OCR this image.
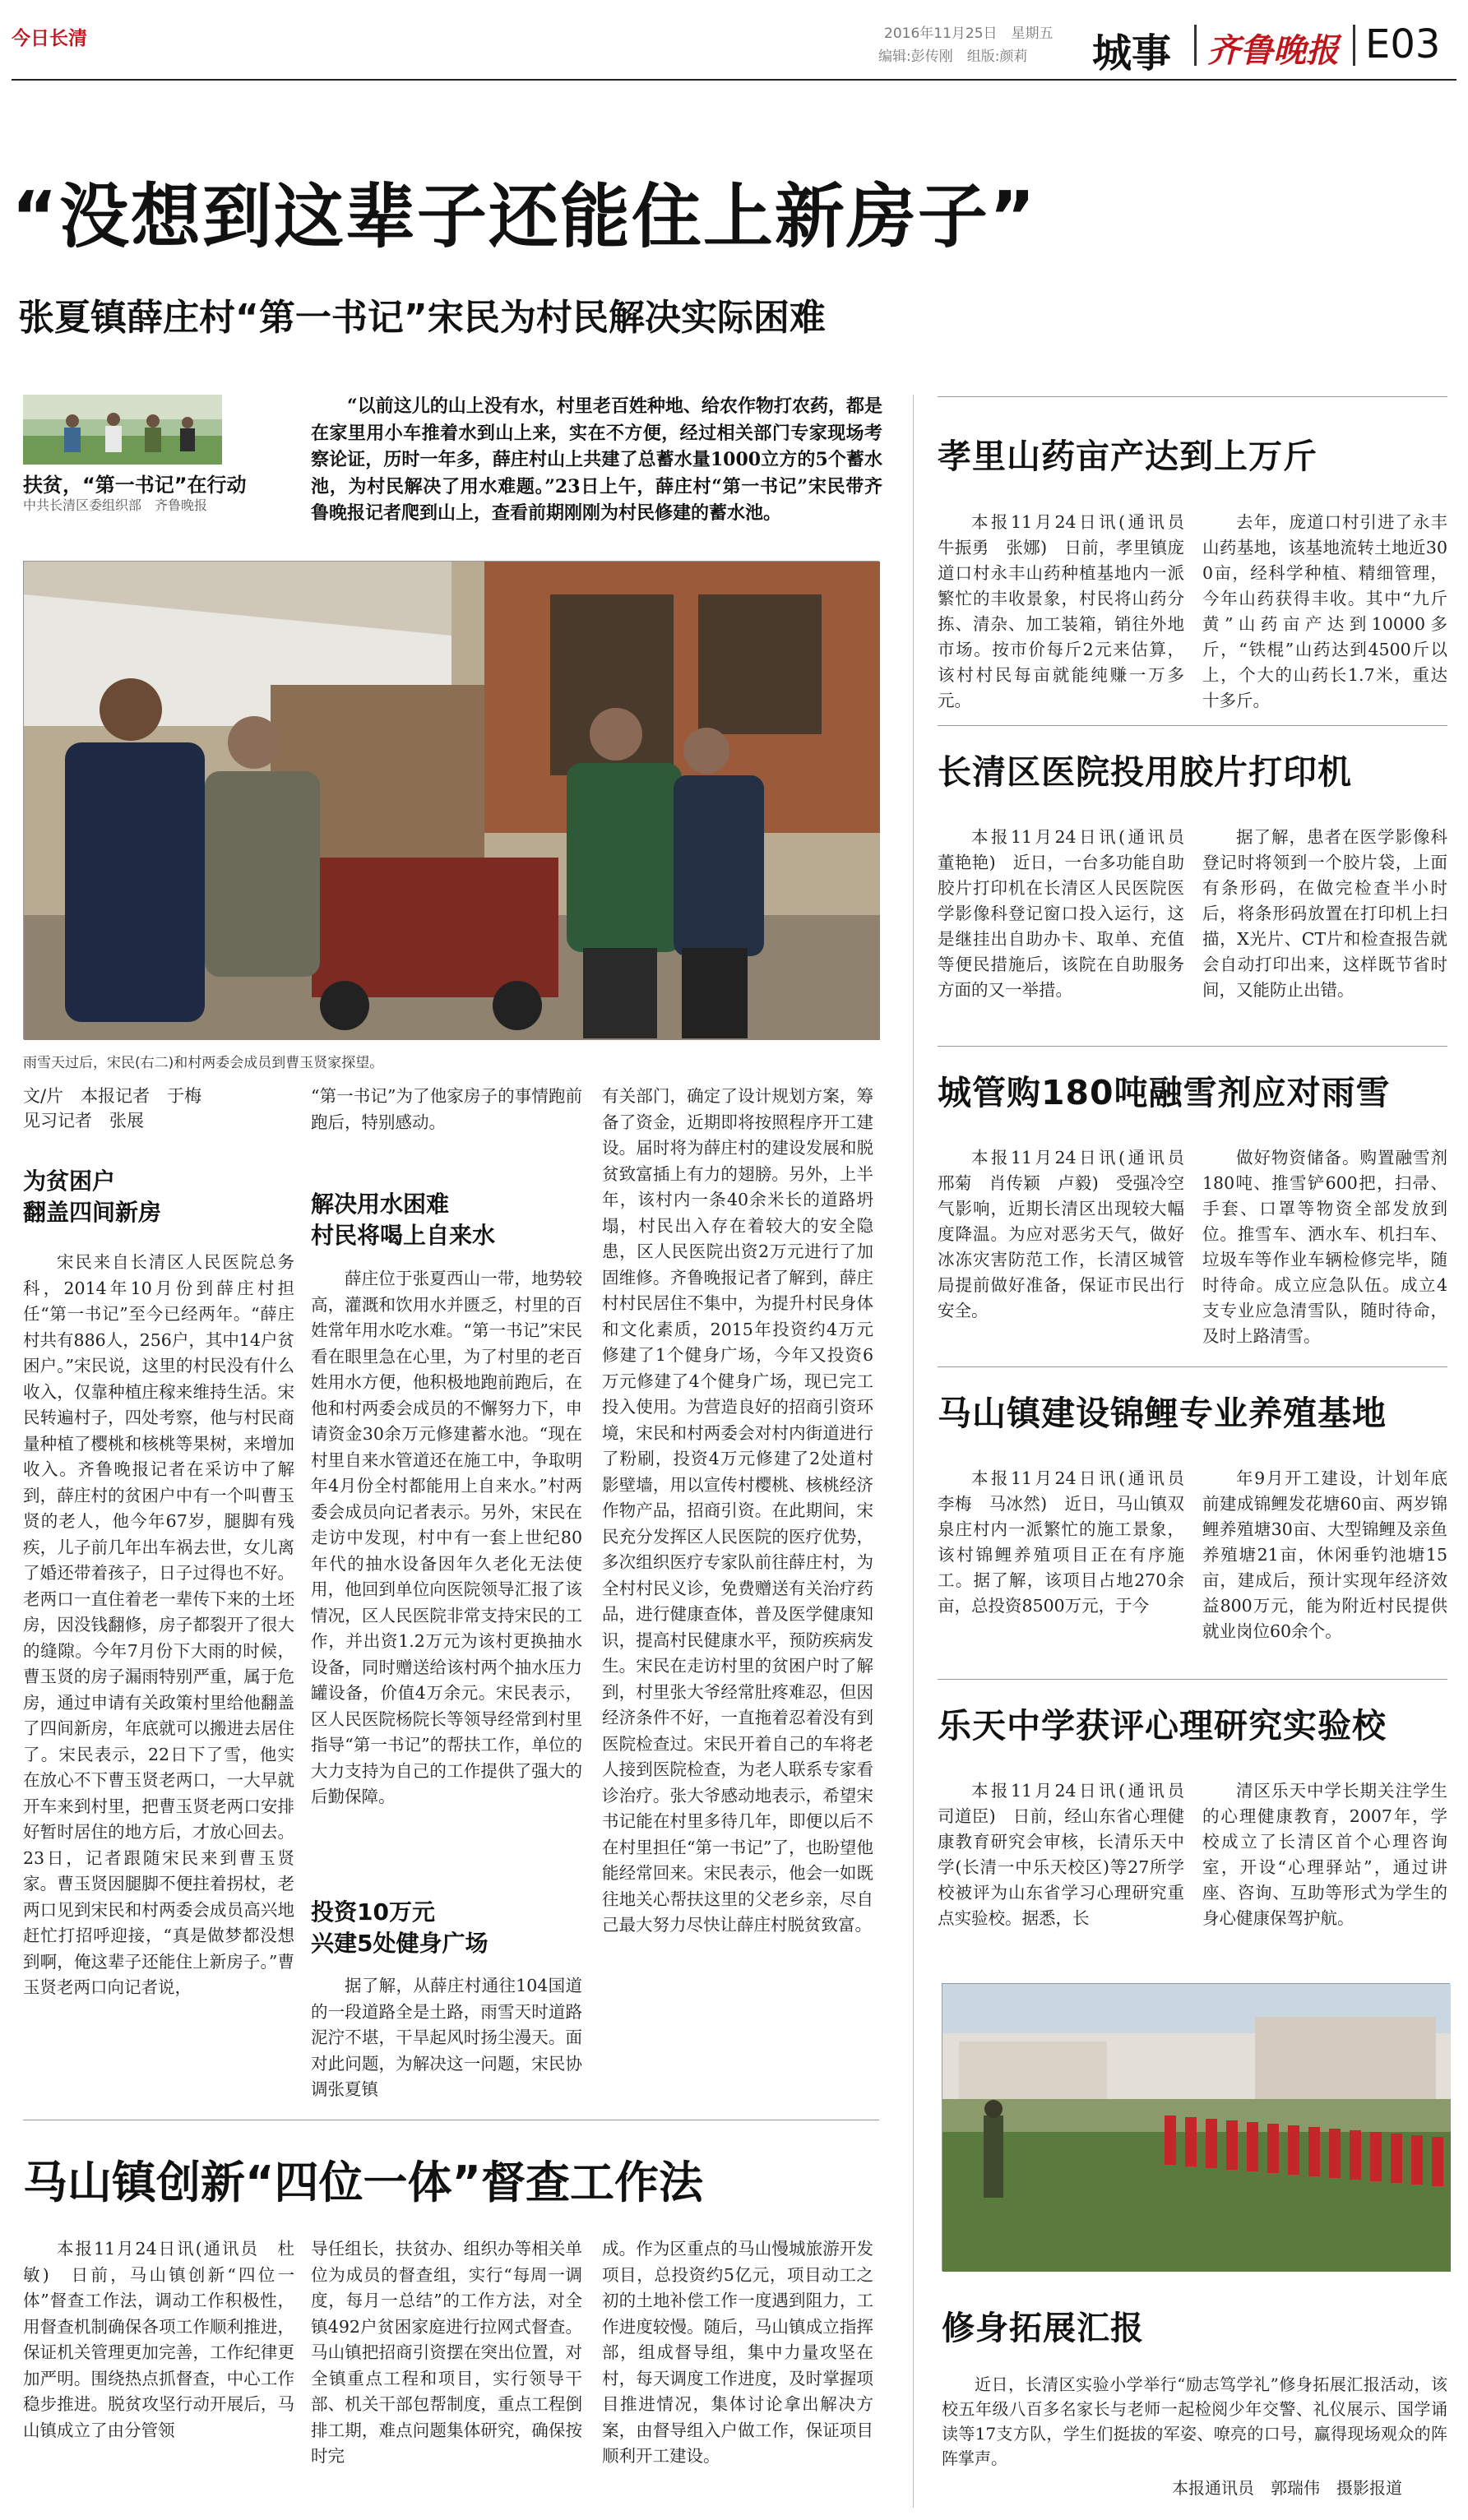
今日长清	2016年11月25日　星期五
编辑:彭传刚　组版:颜莉 城事 齐鲁晚报 E03
“没想到这辈子还能住上新房子”
张夏镇薛庄村“第一书记”宋民为村民解决实际困难
扶贫，“第一书记”在行动
中共长清区委组织部　齐鲁晚报
“以前这儿的山上没有水，村里老百姓种地、给农作物打农药，都是在家里用小车推着水到山上来，实在不方便，经过相关部门专家现场考察论证，历时一年多，薛庄村山上共建了总蓄水量1000立方的5个蓄水池，为村民解决了用水难题。”23日上午，薛庄村“第一书记”宋民带齐鲁晚报记者爬到山上，查看前期刚刚为村民修建的蓄水池。
雨雪天过后，宋民(右二)和村两委会成员到曹玉贤家探望。
文/片　本报记者　于梅
见习记者　张展
为贫困户
翻盖四间新房

宋民来自长清区人民医院总务科，2014年10月份到薛庄村担任“第一书记”至今已经两年。“薛庄村共有886人，256户，其中14户贫困户。”宋民说，这里的村民没有什么收入，仅靠种植庄稼来维持生活。宋民转遍村子，四处考察，他与村民商量种植了樱桃和核桃等果树，来增加收入。齐鲁晚报记者在采访中了解到，薛庄村的贫困户中有一个叫曹玉贤的老人，他今年67岁，腿脚有残疾，儿子前几年出车祸去世，女儿离了婚还带着孩子，日子过得也不好。老两口一直住着老一辈传下来的土坯房，因没钱翻修，房子都裂开了很大的缝隙。今年7月份下大雨的时候，曹玉贤的房子漏雨特别严重，属于危房，通过申请有关政策村里给他翻盖了四间新房，年底就可以搬进去居住了。宋民表示，22日下了雪，他实在放心不下曹玉贤老两口，一大早就开车来到村里，把曹玉贤老两口安排好暂时居住的地方后，才放心回去。23日，记者跟随宋民来到曹玉贤家。曹玉贤因腿脚不便拄着拐杖，老两口见到宋民和村两委会成员高兴地赶忙打招呼迎接，“真是做梦都没想到啊，俺这辈子还能住上新房子。”曹玉贤老两口向记者说，

“第一书记”为了他家房子的事情跑前跑后，特别感动。

解决用水困难
村民将喝上自来水

薛庄位于张夏西山一带，地势较高，灌溉和饮用水并匮乏，村里的百姓常年用水吃水难。“第一书记”宋民看在眼里急在心里，为了村里的老百姓用水方便，他积极地跑前跑后，在他和村两委会成员的不懈努力下，申请资金30余万元修建蓄水池。“现在村里自来水管道还在施工中，争取明年4月份全村都能用上自来水。”村两委会成员向记者表示。另外，宋民在走访中发现，村中有一套上世纪80年代的抽水设备因年久老化无法使用，他回到单位向医院领导汇报了该情况，区人民医院非常支持宋民的工作，并出资1.2万元为该村更换抽水设备，同时赠送给该村两个抽水压力罐设备，价值4万余元。宋民表示，区人民医院杨院长等领导经常到村里指导“第一书记”的帮扶工作，单位的大力支持为自己的工作提供了强大的后勤保障。

投资10万元
兴建5处健身广场

据了解，从薛庄村通往104国道的一段道路全是土路，雨雪天时道路泥泞不堪，干旱起风时扬尘漫天。面对此问题，为解决这一问题，宋民协调张夏镇

有关部门，确定了设计规划方案，筹备了资金，近期即将按照程序开工建设。届时将为薛庄村的建设发展和脱贫致富插上有力的翅膀。另外，上半年，该村内一条40余米长的道路坍塌，村民出入存在着较大的安全隐患，区人民医院出资2万元进行了加固维修。齐鲁晚报记者了解到，薛庄村村民居住不集中，为提升村民身体和文化素质，2015年投资约4万元修建了1个健身广场，今年又投资6万元修建了4个健身广场，现已完工投入使用。为营造良好的招商引资环境，宋民和村两委会对村内街道进行了粉刷，投资4万元修建了2处道村影壁墙，用以宣传村樱桃、核桃经济作物产品，招商引资。在此期间，宋民充分发挥区人民医院的医疗优势，多次组织医疗专家队前往薛庄村，为全村村民义诊，免费赠送有关治疗药品，进行健康查体，普及医学健康知识，提高村民健康水平，预防疾病发生。宋民在走访村里的贫困户时了解到，村里张大爷经常肚疼难忍，但因经济条件不好，一直拖着忍着没有到医院检查过。宋民开着自己的车将老人接到医院检查，为老人联系专家看诊治疗。张大爷感动地表示，希望宋书记能在村里多待几年，即便以后不在村里担任“第一书记”了，也盼望他能经常回来。宋民表示，他会一如既往地关心帮扶这里的父老乡亲，尽自己最大努力尽快让薛庄村脱贫致富。

马山镇创新“四位一体”督查工作法

本报11月24日讯(通讯员　杜敏)　日前，马山镇创新“四位一体”督查工作法，调动工作积极性，用督查机制确保各项工作顺利推进，保证机关管理更加完善，工作纪律更加严明。围绕热点抓督查，中心工作稳步推进。脱贫攻坚行动开展后，马山镇成立了由分管领

导任组长，扶贫办、组织办等相关单位为成员的督查组，实行“每周一调度，每月一总结”的工作方法，对全镇492户贫困家庭进行拉网式督查。马山镇把招商引资摆在突出位置，对全镇重点工程和项目，实行领导干部、机关干部包帮制度，重点工程倒排工期，难点问题集体研究，确保按时完

成。作为区重点的马山慢城旅游开发项目，总投资约5亿元，项目动工之初的土地补偿工作一度遇到阻力，工作进度较慢。随后，马山镇成立指挥部，组成督导组，集中力量攻坚在村，每天调度工作进度，及时掌握项目推进情况，集体讨论拿出解决方案，由督导组入户做工作，保证项目顺利开工建设。

孝里山药亩产达到上万斤
本报11月24日讯(通讯员　牛振勇　张娜)　日前，孝里镇庞道口村永丰山药种植基地内一派繁忙的丰收景象，村民将山药分拣、清杂、加工装箱，销往外地市场。按市价每斤2元来估算，该村村民每亩就能纯赚一万多元。
去年，庞道口村引进了永丰山药基地，该基地流转土地近300亩，经科学种植、精细管理，今年山药获得丰收。其中“九斤黄”山药亩产达到10000多斤，“铁棍”山药达到4500斤以上，个大的山药长1.7米，重达十多斤。
长清区医院投用胶片打印机
本报11月24日讯(通讯员　董艳艳)　近日，一台多功能自助胶片打印机在长清区人民医院医学影像科登记窗口投入运行，这是继挂出自助办卡、取单、充值等便民措施后，该院在自助服务方面的又一举措。
据了解，患者在医学影像科登记时将领到一个胶片袋，上面有条形码，在做完检查半小时后，将条形码放置在打印机上扫描，X光片、CT片和检查报告就会自动打印出来，这样既节省时间，又能防止出错。
城管购180吨融雪剂应对雨雪
本报11月24日讯(通讯员　邢菊　肖传颖　卢毅)　受强冷空气影响，近期长清区出现较大幅度降温。为应对恶劣天气，做好冰冻灾害防范工作，长清区城管局提前做好准备，保证市民出行安全。
做好物资储备。购置融雪剂180吨、推雪铲600把，扫帚、手套、口罩等物资全部发放到位。推雪车、洒水车、机扫车、垃圾车等作业车辆检修完毕，随时待命。成立应急队伍。成立4支专业应急清雪队，随时待命，及时上路清雪。
马山镇建设锦鲤专业养殖基地
本报11月24日讯(通讯员　李梅　马冰然)　近日，马山镇双泉庄村内一派繁忙的施工景象，该村锦鲤养殖项目正在有序施工。据了解，该项目占地270余亩，总投资8500万元，于今
年9月开工建设，计划年底前建成锦鲤发花塘60亩、两岁锦鲤养殖塘30亩、大型锦鲤及亲鱼养殖塘21亩，休闲垂钓池塘15亩，建成后，预计实现年经济效益800万元，能为附近村民提供就业岗位60余个。
乐天中学获评心理研究实验校
本报11月24日讯(通讯员　司道臣)　日前，经山东省心理健康教育研究会审核，长清乐天中学(长清一中乐天校区)等27所学校被评为山东省学习心理研究重点实验校。据悉，长
清区乐天中学长期关注学生的心理健康教育，2007年，学校成立了长清区首个心理咨询室，开设“心理驿站”，通过讲座、咨询、互助等形式为学生的身心健康保驾护航。
修身拓展汇报
近日，长清区实验小学举行“励志笃学礼”修身拓展汇报活动，该校五年级八百多名家长与老师一起检阅少年交警、礼仪展示、国学诵读等17支方队，学生们挺拔的军姿、嘹亮的口号，赢得现场观众的阵阵掌声。
本报通讯员　郭瑞伟　摄影报道
